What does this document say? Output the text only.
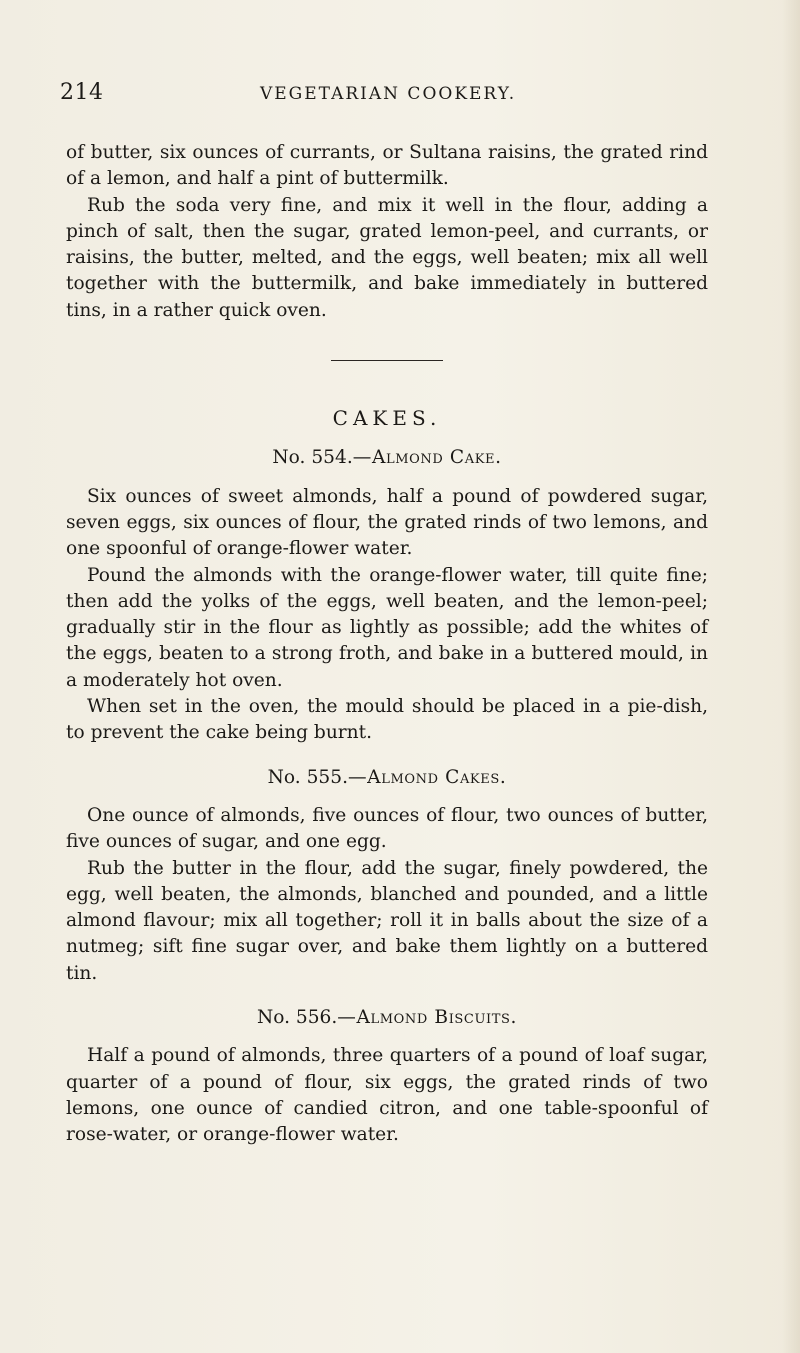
214	VEGETARIAN COOKERY.

of butter, six ounces of currants, or Sultana raisins, the grated rind of a lemon, and half a pint of buttermilk.

Rub the soda very fine, and mix it well in the flour, adding a pinch of salt, then the sugar, grated lemon-peel, and currants, or raisins, the butter, melted, and the eggs, well beaten; mix all well together with the buttermilk, and bake immediately in buttered tins, in a rather quick oven.

CAKES.
No. 554.—Almond Cake.

Six ounces of sweet almonds, half a pound of powdered sugar, seven eggs, six ounces of flour, the grated rinds of two lemons, and one spoonful of orange-flower water.

Pound the almonds with the orange-flower water, till quite fine; then add the yolks of the eggs, well beaten, and the lemon-peel; gradually stir in the flour as lightly as possible; add the whites of the eggs, beaten to a strong froth, and bake in a buttered mould, in a moderately hot oven.

When set in the oven, the mould should be placed in a pie-dish, to prevent the cake being burnt.

No. 555.—Almond Cakes.

One ounce of almonds, five ounces of flour, two ounces of butter, five ounces of sugar, and one egg.

Rub the butter in the flour, add the sugar, finely powdered, the egg, well beaten, the almonds, blanched and pounded, and a little almond flavour; mix all together; roll it in balls about the size of a nutmeg; sift fine sugar over, and bake them lightly on a buttered tin.

No. 556.—Almond Biscuits.

Half a pound of almonds, three quarters of a pound of loaf sugar, quarter of a pound of flour, six eggs, the grated rinds of two lemons, one ounce of candied citron, and one table-spoonful of rose-water, or orange-flower water.
